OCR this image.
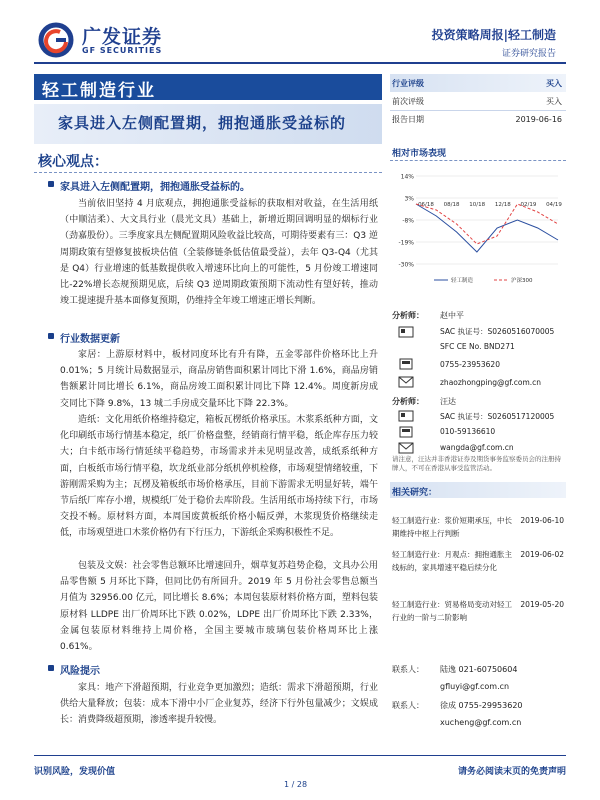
广发证券
GF SECURITIES
投资策略周报|轻工制造
证券研究报告
轻工制造行业
家具进入左侧配置期，拥抱通胀受益标的
核心观点：
家具进入左侧配置期，拥抱通胀受益标的。
当前依旧坚持 4 月底观点，拥抱通胀受益标的获取相对收益，在生活用纸（中顺洁柔）、大文具行业（晨光文具）基础上，新增近期回调明显的烟标行业（劲嘉股份）。三季度家具左侧配置期风险收益比较高，可期待要素有三：Q3 逆周期政策有望修复披板块估值（全装修链条低估值最受益），去年 Q3-Q4（尤其是 Q4）行业增速的低基数提供收入增速环比向上的可能性，5 月份竣工增速同比-22%增长态规预期见底，后续 Q3 逆周期政策预期下流动性有望好转，推动竣工提速提升基本面修复预期，仍维持全年竣工增速正增长判断。
行业数据更新
家居：上游原材料中，板材同度环比有升有降，五金零部件价格环比上升 0.01%；5 月统计局数据显示，商品房销售面积累计同比下滑 1.6%，商品房销售额累计同比增长 6.1%，商品房竣工面积累计同比下降 12.4%。周度新房成交同比下降 9.8%，13 城二手房成交量环比下降 22.3%。
造纸：文化用纸价格维持稳定，箱板瓦楞纸价格承压。木浆系纸种方面，文化印刷纸市场行情基本稳定，纸厂价格盘整，经销商行情平稳，纸企库存压力较大；白卡纸市场行情延续平稳趋势，市场需求并未见明显改善，成纸系纸种方面，白板纸市场行情平稳，坎龙纸业部分纸机停机检修，市场观望情绪较重，下游刚需采购为主；瓦楞及箱板纸市场价格承压，目前下游需求无明显好转，端午节后纸厂库存小增，规模纸厂处于稳价去库阶段。生活用纸市场持续下行，市场交投不畅。原材料方面，本周国废黄板纸价格小幅反弹，木浆现货价格继续走低，市场观望进口木浆价格仍有下行压力，下游纸企采购积极性不足。
包装及文娱：社会零售总额环比增速回升，烟草复苏趋势企稳，文具办公用品零售额 5 月环比下降，但同比仍有所回升。2019 年 5 月份社会零售总额当月值为 32956.00 亿元，同比增长 8.6%；本周包装原材料价格方面，塑料包装原材料 LLDPE 出厂价周环比下跌 0.02%，LDPE 出厂价周环比下跌 2.33%，金属包装原材料维持上周价格，全国主要城市玻璃包装价格周环比上涨 0.61%。
风险提示
家具：地产下滑超预期，行业竞争更加激烈；造纸：需求下滑超预期，行业供给大量释放；包装：成本下滑中小厂企业复苏，经济下行外包量减少；文娱成长：消费降级超预期，渗透率提升较慢。
行业评级	买入
前次评级	买入
报告日期	2019-06-16
相对市场表现
14%
3%
-8%
-19%
-30%
06/18 08/18 10/18 12/18 02/19 04/19
轻工制造	沪深300
分析师： 赵中平
SAC 执证号：S0260516070005
SFC CE No. BND271
0755-23953620
zhaozhongping@gf.com.cn
分析师： 汪达
SAC 执证号：S0260517120005
010-59136610
wangda@gf.com.cn
请注意，汪达并非香港证券及期货事务监察委员会的注册持牌人，不可在香港从事受监管活动。
相关研究：
轻工制造行业：浆价短期承压，中长期维持中枢上行判断
2019-06-10
轻工制造行业：月观点：拥抱通胀主线标的，家具增速平稳后续分化
2019-06-02
轻工制造行业：贸易格局变动对轻工行业的一阶与二阶影响
2019-05-20
联系人： 陆逸 021-60750604
gfluyi@gf.com.cn
联系人： 徐成 0755-29953620
xucheng@gf.com.cn
识别风险，发现价值	请务必阅读末页的免责声明
1 / 28
